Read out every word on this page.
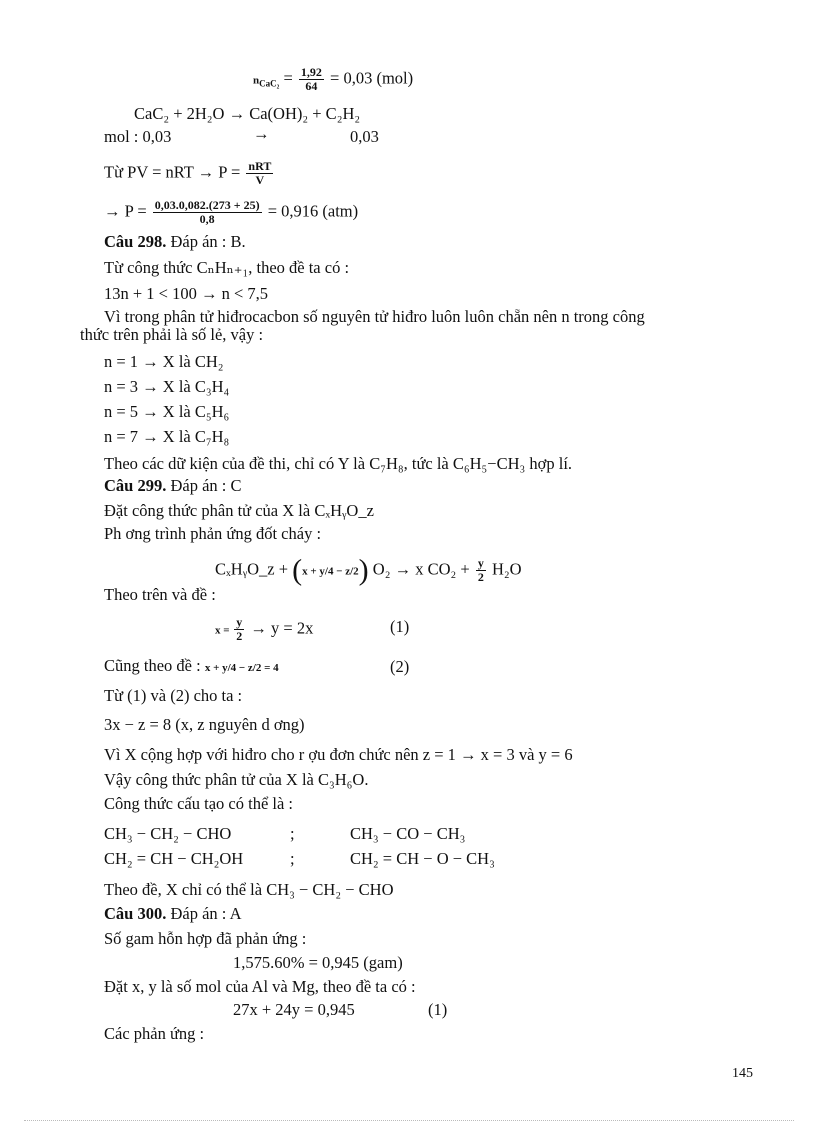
$n_{CaC_2} = \frac{1,92}{64} = 0,03$ (mol)
CaC₂ + 2H₂O → Ca(OH)₂ + C₂H₂
mol : 0,03	→	0,03
Từ PV = nRT → $P = \frac{\text{nRT}}{V}$
→ $P = \frac{0,03.0,082.(273 + 25)}{0,8} = 0,916$ (atm)
Câu 298. Đáp án : B.
Từ công thức CₙHₙ₊₁, theo đề ta có :
13n + 1 < 100 → n < 7,5
Vì trong phân tử hiđrocacbon số nguyên tử hiđro luôn luôn chẵn nên n trong công
thức trên phải là số lẻ, vậy :
n = 1 → X là CH₂
n = 3 → X là C₃H₄
n = 5 → X là C₅H₆
n = 7 → X là C₇H₈
Theo các dữ kiện của đề thi, chỉ có Y là C₇H₈, tức là C₆H₅−CH₃ hợp lí.
Câu 299. Đáp án : C
Đặt công thức phân tử của X là CₓHᵧO_z
Ph ơng trình phản ứng đốt cháy :
CₓHᵧO_z + (x + y/4 − z/2) O₂ → x $CO_2 + \frac{y}{2} H_2O$
Theo trên và đề :
$x = \frac{y}{2} \to y = 2x$	(1)
Cũng theo đề : x + y/4 − z/2 = 4	(2)
Từ (1) và (2) cho ta :
3x − z = 8 (x, z nguyên d ơng)
Vì X cộng hợp với hiđro cho r ợu đơn chức nên z = 1 → x = 3 và y = 6
Vậy công thức phân tử của X là C₃H₆O.
Công thức cấu tạo có thể là :
CH₃ − CH₂ − CHO	;	CH₃ − CO − CH₃
CH₂ = CH − CH₂OH	;	CH₂ = CH − O − CH₃
Theo đề, X chỉ có thể là CH₃ − CH₂ − CHO
Câu 300. Đáp án : A
Số gam hỗn hợp đã phản ứng :
1,575.60% = 0,945 (gam)
Đặt x, y là số mol của Al và Mg, theo đề ta có :
27x + 24y = 0,945	(1)
Các phản ứng :
145
